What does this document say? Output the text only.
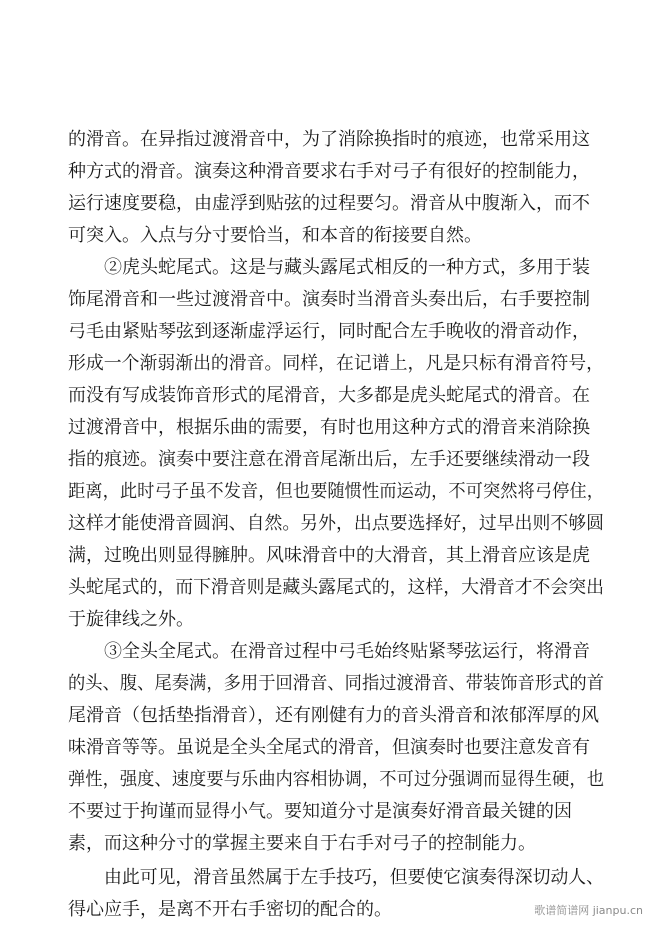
的滑音。在异指过渡滑音中，为了消除换指时的痕迹，也常采用这

种方式的滑音。演奏这种滑音要求右手对弓子有很好的控制能力，

运行速度要稳，由虚浮到贴弦的过程要匀。滑音从中腹渐入，而不

可突入。入点与分寸要恰当，和本音的衔接要自然。

②虎头蛇尾式。这是与藏头露尾式相反的一种方式，多用于装

饰尾滑音和一些过渡滑音中。演奏时当滑音头奏出后，右手要控制

弓毛由紧贴琴弦到逐渐虚浮运行，同时配合左手晚收的滑音动作，

形成一个渐弱渐出的滑音。同样，在记谱上，凡是只标有滑音符号，

而没有写成装饰音形式的尾滑音，大多都是虎头蛇尾式的滑音。在

过渡滑音中，根据乐曲的需要，有时也用这种方式的滑音来消除换

指的痕迹。演奏中要注意在滑音尾渐出后，左手还要继续滑动一段

距离，此时弓子虽不发音，但也要随惯性而运动，不可突然将弓停住，

这样才能使滑音圆润、自然。另外，出点要选择好，过早出则不够圆

满，过晚出则显得臃肿。风味滑音中的大滑音，其上滑音应该是虎

头蛇尾式的，而下滑音则是藏头露尾式的，这样，大滑音才不会突出

于旋律线之外。

③全头全尾式。在滑音过程中弓毛始终贴紧琴弦运行，将滑音

的头、腹、尾奏满，多用于回滑音、同指过渡滑音、带装饰音形式的首

尾滑音（包括垫指滑音），还有刚健有力的音头滑音和浓郁浑厚的风

味滑音等等。虽说是全头全尾式的滑音，但演奏时也要注意发音有

弹性，强度、速度要与乐曲内容相协调，不可过分强调而显得生硬，也

不要过于拘谨而显得小气。要知道分寸是演奏好滑音最关键的因

素，而这种分寸的掌握主要来自于右手对弓子的控制能力。

由此可见，滑音虽然属于左手技巧，但要使它演奏得深切动人、

得心应手，是离不开右手密切的配合的。	歌谱简谱网 jianpu.cn
